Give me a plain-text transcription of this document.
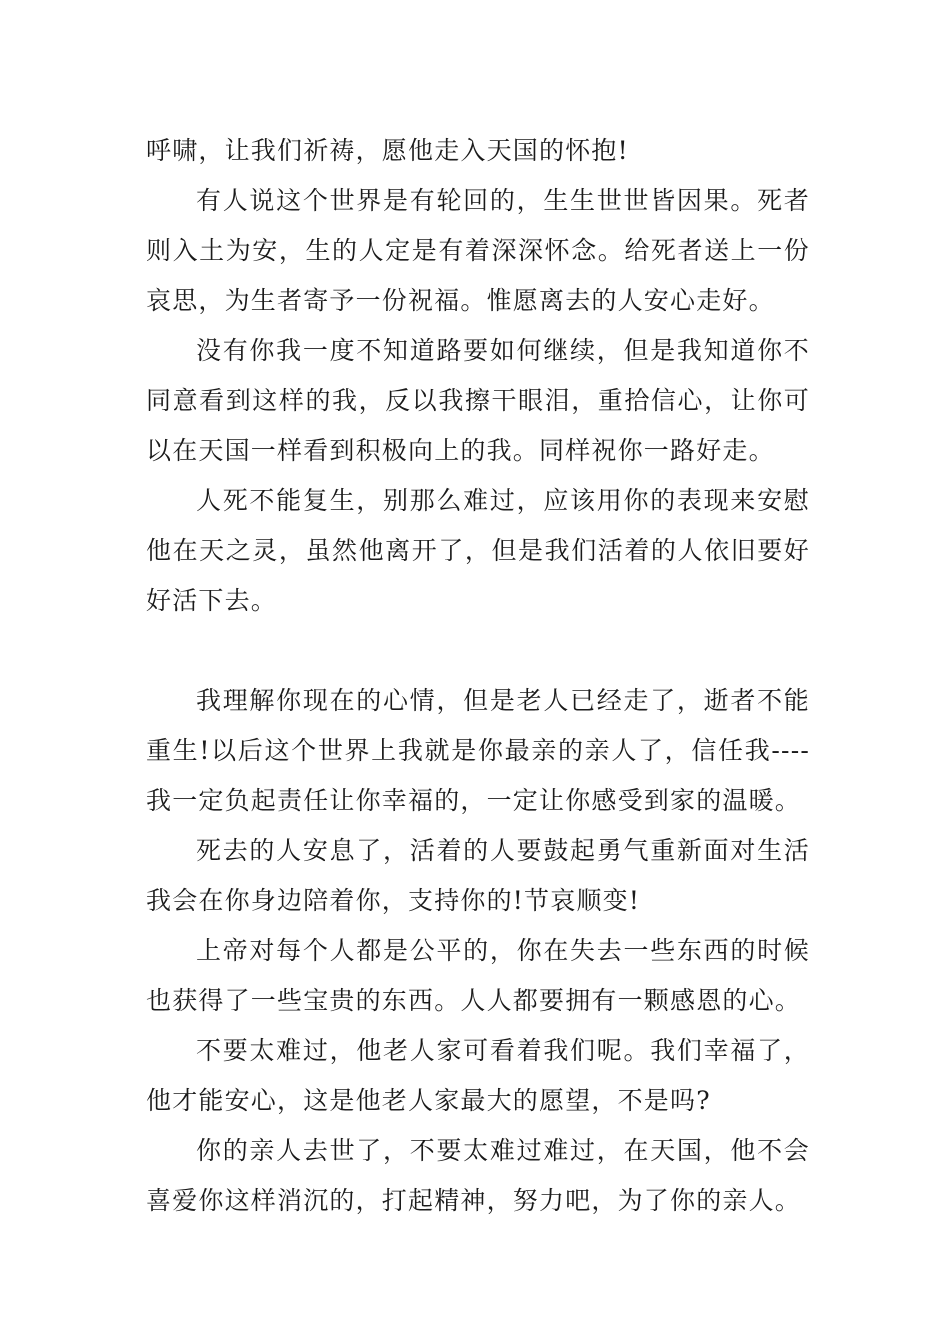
呼啸，让我们祈祷，愿他走入天国的怀抱!

有人说这个世界是有轮回的，生生世世皆因果。死者则入土为安，生的人定是有着深深怀念。给死者送上一份哀思，为生者寄予一份祝福。惟愿离去的人安心走好。

没有你我一度不知道路要如何继续，但是我知道你不同意看到这样的我，反以我擦干眼泪，重拾信心，让你可以在天国一样看到积极向上的我。同样祝你一路好走。

人死不能复生，别那么难过，应该用你的表现来安慰他在天之灵，虽然他离开了，但是我们活着的人依旧要好好活下去。

我理解你现在的心情，但是老人已经走了，逝者不能重生!以后这个世界上我就是你最亲的亲人了，信任我----我一定负起责任让你幸福的，一定让你感受到家的温暖。

死去的人安息了，活着的人要鼓起勇气重新面对生活我会在你身边陪着你，支持你的!节哀顺变!

上帝对每个人都是公平的，你在失去一些东西的时候也获得了一些宝贵的东西。人人都要拥有一颗感恩的心。

不要太难过，他老人家可看着我们呢。我们幸福了，他才能安心，这是他老人家最大的愿望，不是吗?

你的亲人去世了，不要太难过难过，在天国，他不会喜爱你这样消沉的，打起精神，努力吧，为了你的亲人。
